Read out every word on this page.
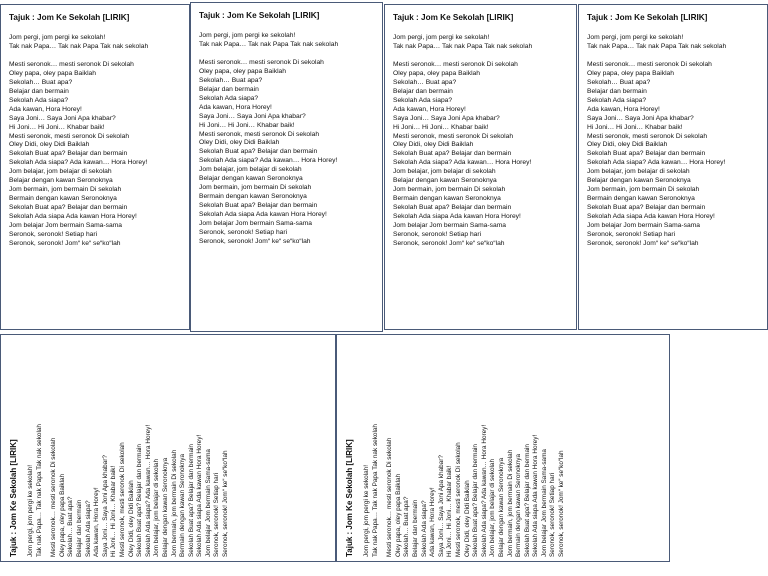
Tajuk : Jom Ke Sekolah [LIRIK]
Jom pergi, jom pergi ke sekolah!
Tak nak Papa… Tak nak Papa Tak nak sekolah
Mesti seronok… mesti seronok Di sekolah
Oley papa, oley papa Baiklah
Sekolah… Buat apa?
Belajar dan bermain
Sekolah Ada siapa?
Ada kawan, Hora Horey!
Saya Joni… Saya Joni Apa khabar?
Hi Joni… Hi Joni… Khabar baik!
Mesti seronok, mesti seronok Di sekolah
Oley Didi, oley Didi Baiklah
Sekolah Buat apa? Belajar dan bermain
Sekolah Ada siapa? Ada kawan… Hora Horey!
Jom belajar, jom belajar di sekolah
Belajar dengan kawan Seronoknya
Jom bermain, jom bermain Di sekolah
Bermain dengan kawan Seronoknya
Sekolah Buat apa? Belajar dan bermain
Sekolah Ada siapa Ada kawan Hora Horey!
Jom belajar Jom bermain Sama-sama
Seronok, seronok! Setiap hari
Seronok, seronok! Jom“ ke“ se“ko“lah
Tajuk : Jom Ke Sekolah [LIRIK]
Jom pergi, jom pergi ke sekolah!
Tak nak Papa… Tak nak Papa Tak nak sekolah
Mesti seronok… mesti seronok Di sekolah
Oley papa, oley papa Baiklah
Sekolah… Buat apa?
Belajar dan bermain
Sekolah Ada siapa?
Ada kawan, Hora Horey!
Saya Joni… Saya Joni Apa khabar?
Hi Joni… Hi Joni… Khabar baik!
Mesti seronok, mesti seronok Di sekolah
Oley Didi, oley Didi Baiklah
Sekolah Buat apa? Belajar dan bermain
Sekolah Ada siapa? Ada kawan… Hora Horey!
Jom belajar, jom belajar di sekolah
Belajar dengan kawan Seronoknya
Jom bermain, jom bermain Di sekolah
Bermain dengan kawan Seronoknya
Sekolah Buat apa? Belajar dan bermain
Sekolah Ada siapa Ada kawan Hora Horey!
Jom belajar Jom bermain Sama-sama
Seronok, seronok! Setiap hari
Seronok, seronok! Jom“ ke“ se“ko“lah
Tajuk : Jom Ke Sekolah [LIRIK]
Jom pergi, jom pergi ke sekolah!
Tak nak Papa… Tak nak Papa Tak nak sekolah
Mesti seronok… mesti seronok Di sekolah
Oley papa, oley papa Baiklah
Sekolah… Buat apa?
Belajar dan bermain
Sekolah Ada siapa?
Ada kawan, Hora Horey!
Saya Joni… Saya Joni Apa khabar?
Hi Joni… Hi Joni… Khabar baik!
Mesti seronok, mesti seronok Di sekolah
Oley Didi, oley Didi Baiklah
Sekolah Buat apa? Belajar dan bermain
Sekolah Ada siapa? Ada kawan… Hora Horey!
Jom belajar, jom belajar di sekolah
Belajar dengan kawan Seronoknya
Jom bermain, jom bermain Di sekolah
Bermain dengan kawan Seronoknya
Sekolah Buat apa? Belajar dan bermain
Sekolah Ada siapa Ada kawan Hora Horey!
Jom belajar Jom bermain Sama-sama
Seronok, seronok! Setiap hari
Seronok, seronok! Jom“ ke“ se“ko“lah
Tajuk : Jom Ke Sekolah [LIRIK]
Jom pergi, jom pergi ke sekolah!
Tak nak Papa… Tak nak Papa Tak nak sekolah
Mesti seronok… mesti seronok Di sekolah
Oley papa, oley papa Baiklah
Sekolah… Buat apa?
Belajar dan bermain
Sekolah Ada siapa?
Ada kawan, Hora Horey!
Saya Joni… Saya Joni Apa khabar?
Hi Joni… Hi Joni… Khabar baik!
Mesti seronok, mesti seronok Di sekolah
Oley Didi, oley Didi Baiklah
Sekolah Buat apa? Belajar dan bermain
Sekolah Ada siapa? Ada kawan… Hora Horey!
Jom belajar, jom belajar di sekolah
Belajar dengan kawan Seronoknya
Jom bermain, jom bermain Di sekolah
Bermain dengan kawan Seronoknya
Sekolah Buat apa? Belajar dan bermain
Sekolah Ada siapa Ada kawan Hora Horey!
Jom belajar Jom bermain Sama-sama
Seronok, seronok! Setiap hari
Seronok, seronok! Jom“ ke“ se“ko“lah
Tajuk : Jom Ke Sekolah [LIRIK] Jom pergi, jom pergi ke sekolah! Tak nak Papa… Tak nak Papa Tak nak sekolah Mesti seronok… mesti seronok Di sekolah Oley papa, oley papa Baiklah Sekolah… Buat apa? Belajar dan bermain Sekolah Ada siapa? Ada kawan, Hora Horey! Saya Joni… Saya Joni Apa khabar? Hi Joni… Hi Joni… Khabar baik! Mesti seronok, mesti seronok Di sekolah Oley Didi, oley Didi Baiklah Sekolah Buat apa? Belajar dan bermain Sekolah Ada siapa? Ada kawan… Hora Horey! Jom belajar, jom belajar di sekolah Belajar dengan kawan Seronoknya Jom bermain, jom bermain Di sekolah Bermain dengan kawan Seronoknya Sekolah Buat apa? Belajar dan bermain Sekolah Ada siapa Ada kawan Hora Horey! Jom belajar Jom bermain Sama-sama Seronok, seronok! Setiap hari Seronok, seronok! Jom“ ke“ se“ko“lah	Tajuk : Jom Ke Sekolah [LIRIK] Jom pergi, jom pergi ke sekolah! Tak nak Papa… Tak nak Papa Tak nak sekolah Mesti seronok… mesti seronok Di sekolah Oley papa, oley papa Baiklah Sekolah… Buat apa? Belajar dan bermain Sekolah Ada siapa? Ada kawan, Hora Horey! Saya Joni… Saya Joni Apa khabar? Hi Joni… Hi Joni… Khabar baik! Mesti seronok, mesti seronok Di sekolah Oley Didi, oley Didi Baiklah Sekolah Buat apa? Belajar dan bermain Sekolah Ada siapa? Ada kawan… Hora Horey! Jom belajar, jom belajar di sekolah Belajar dengan kawan Seronoknya Jom bermain, jom bermain Di sekolah Bermain dengan kawan Seronoknya Sekolah Buat apa? Belajar dan bermain Sekolah Ada siapa Ada kawan Hora Horey! Jom belajar Jom bermain Sama-sama Seronok, seronok! Setiap hari Seronok, seronok! Jom“ ke“ se“ko“lah
